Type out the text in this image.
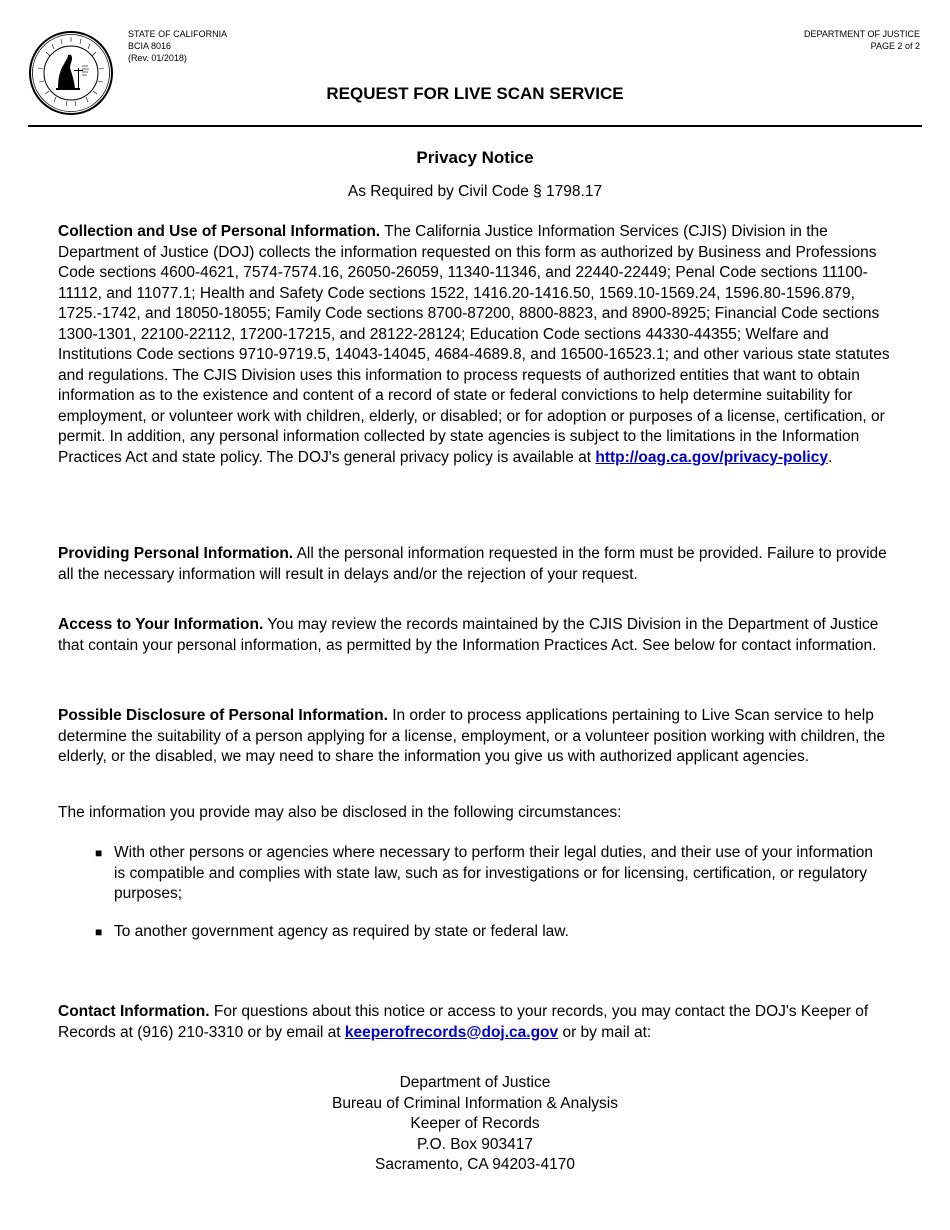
STATE OF CALIFORNIA
BCIA 8016
(Rev. 01/2018)
DEPARTMENT OF JUSTICE
PAGE 2 of 2
REQUEST FOR LIVE SCAN SERVICE
Privacy Notice
As Required by Civil Code § 1798.17
Collection and Use of Personal Information. The California Justice Information Services (CJIS) Division in the Department of Justice (DOJ) collects the information requested on this form as authorized by Business and Professions Code sections 4600-4621, 7574-7574.16, 26050-26059, 11340-11346, and 22440-22449; Penal Code sections 11100-11112, and 11077.1; Health and Safety Code sections 1522, 1416.20-1416.50, 1569.10-1569.24, 1596.80-1596.879, 1725.-1742, and 18050-18055; Family Code sections 8700-87200, 8800-8823, and 8900-8925; Financial Code sections 1300-1301, 22100-22112, 17200-17215, and 28122-28124; Education Code sections 44330-44355; Welfare and Institutions Code sections 9710-9719.5, 14043-14045, 4684-4689.8, and 16500-16523.1; and other various state statutes and regulations. The CJIS Division uses this information to process requests of authorized entities that want to obtain information as to the existence and content of a record of state or federal convictions to help determine suitability for employment, or volunteer work with children, elderly, or disabled; or for adoption or purposes of a license, certification, or permit. In addition, any personal information collected by state agencies is subject to the limitations in the Information Practices Act and state policy. The DOJ's general privacy policy is available at http://oag.ca.gov/privacy-policy.
Providing Personal Information. All the personal information requested in the form must be provided. Failure to provide all the necessary information will result in delays and/or the rejection of your request.
Access to Your Information. You may review the records maintained by the CJIS Division in the Department of Justice that contain your personal information, as permitted by the Information Practices Act. See below for contact information.
Possible Disclosure of Personal Information. In order to process applications pertaining to Live Scan service to help determine the suitability of a person applying for a license, employment, or a volunteer position working with children, the elderly, or the disabled, we may need to share the information you give us with authorized applicant agencies.
The information you provide may also be disclosed in the following circumstances:
■ With other persons or agencies where necessary to perform their legal duties, and their use of your information is compatible and complies with state law, such as for investigations or for licensing, certification, or regulatory purposes;
■ To another government agency as required by state or federal law.
Contact Information. For questions about this notice or access to your records, you may contact the DOJ's Keeper of Records at (916) 210-3310 or by email at keeperofrecords@doj.ca.gov or by mail at:
Department of Justice
Bureau of Criminal Information & Analysis
Keeper of Records
P.O. Box 903417
Sacramento, CA 94203-4170
